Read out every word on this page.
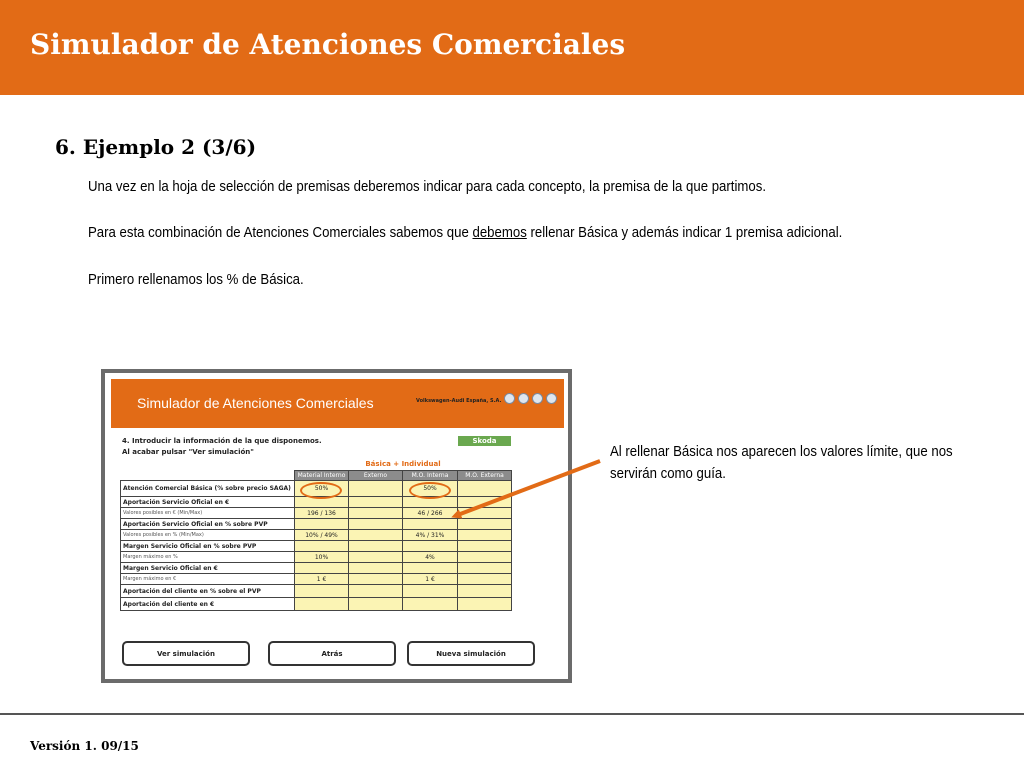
Simulador de Atenciones Comerciales
6. Ejemplo 2 (3/6)
Una vez en la hoja de selección de premisas deberemos indicar para cada concepto, la premisa de la que partimos.
Para esta combinación de Atenciones Comerciales sabemos que debemos rellenar Básica y además indicar 1 premisa adicional.
Primero rellenamos los % de Básica.
Simulador de Atenciones Comerciales	Volkswagen-Audi España, S.A.
4. Introducir la información de la que disponemos.
Al acabar pulsar "Ver simulación"
Skoda
Básica + Individual
	Material Interno	Externo	M.O. Interna	M.O. Externa
Atención Comercial Básica (% sobre precio SAGA)	50%		50%	
Aportación Servicio Oficial en €				
Valores posibles en € (Min/Max)	196 / 136		46 / 266	
Aportación Servicio Oficial en % sobre PVP				
Valores posibles en % (Min/Max)	10% / 49%		4% / 31%	
Margen Servicio Oficial en % sobre PVP				
Margen máximo en %	10%		4%	
Margen Servicio Oficial en €				
Margen máximo en €	1 €		1 €	
Aportación del cliente en % sobre el PVP				
Aportación del cliente en €				
Ver simulación	Atrás	Nueva simulación
Al rellenar Básica nos aparecen los valores límite, que nos
servirán como guía.
Versión 1. 09/15
